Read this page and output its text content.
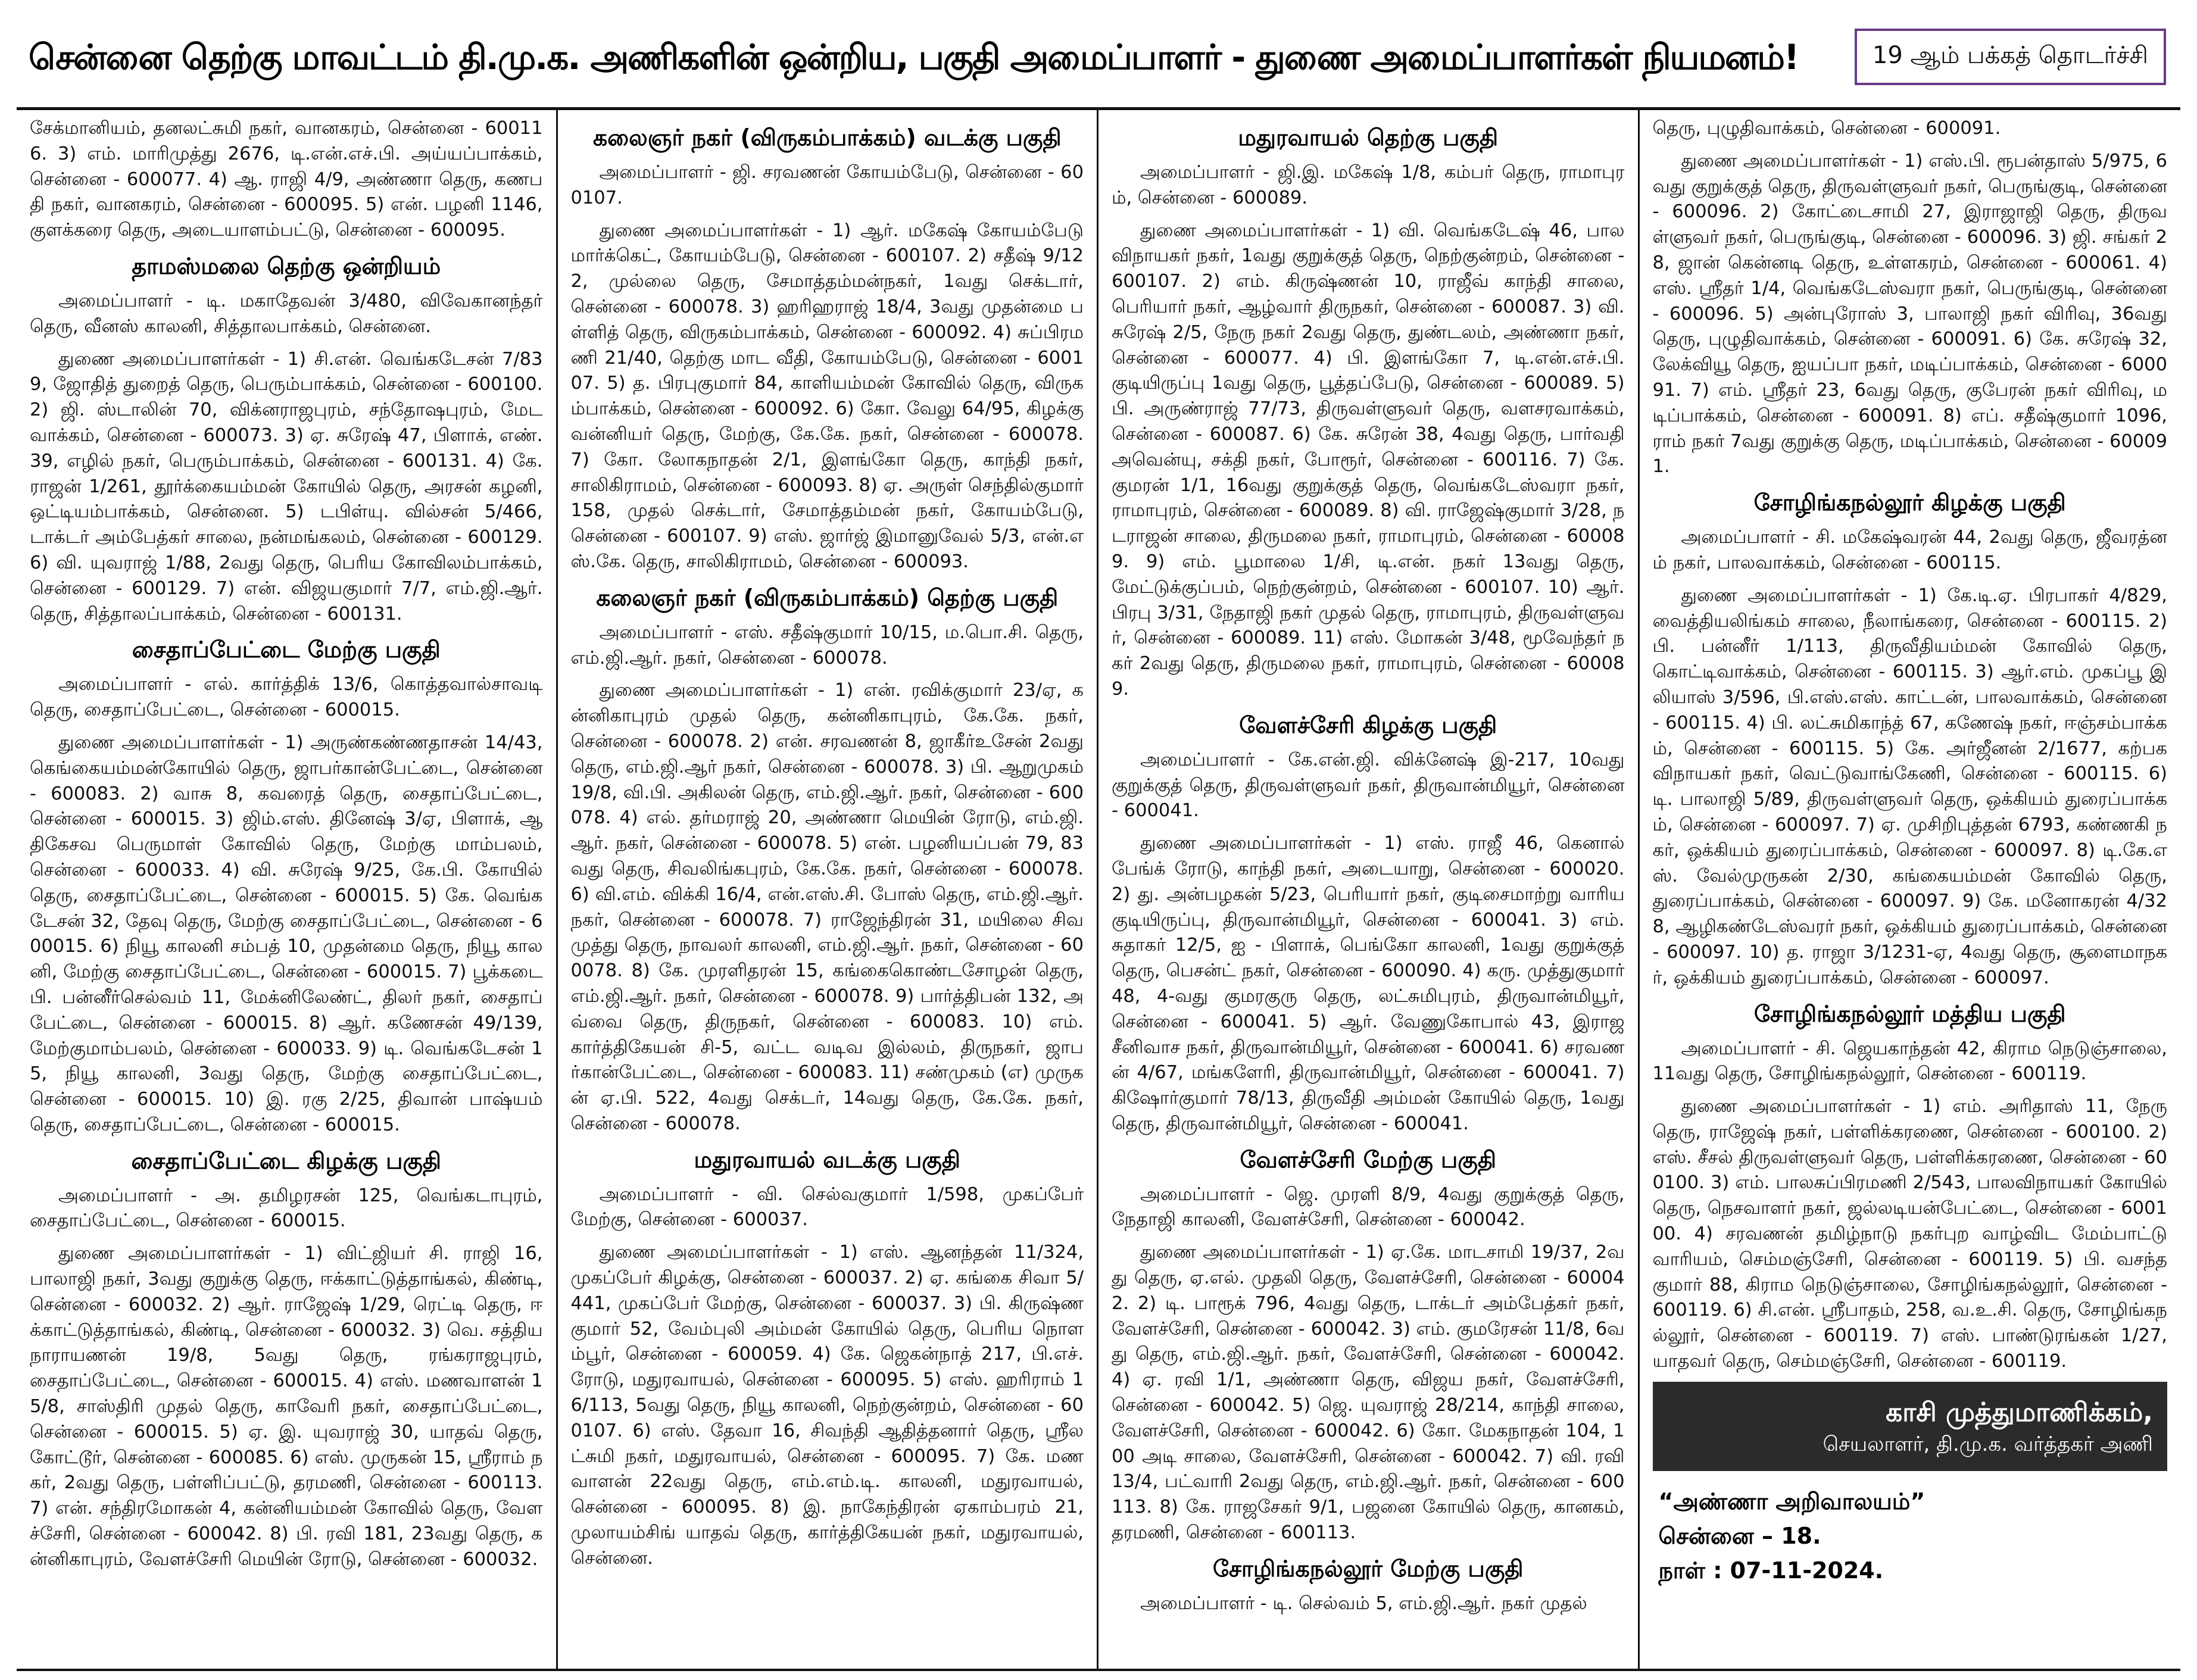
சென்னை தெற்கு மாவட்டம் தி.மு.க. அணிகளின் ஒன்றிய, பகுதி அமைப்பாளர் - துணை அமைப்பாளர்கள் நியமனம்!	19 ஆம் பக்கத் தொடர்ச்சி

சேக்மானியம், தனலட்சுமி நகர், வானகரம், சென்னை - 600116. 3) எம். மாரிமுத்து 2676, டி.என்.எச்.பி. அய்யப்பாக்கம், சென்னை - 600077. 4) ஆ. ராஜி 4/9, அண்ணா தெரு, கணபதி நகர், வானகரம், சென்னை - 600095. 5) என். பழனி 1146, குளக்கரை தெரு, அடையாளம்பட்டு, சென்னை - 600095.

தாமஸ்மலை தெற்கு ஒன்றியம்

அமைப்பாளர் - டி. மகாதேவன் 3/480, விவேகானந்தர் தெரு, வீனஸ் காலனி, சித்தாலபாக்கம், சென்னை.

துணை அமைப்பாளர்கள் - 1) சி.என். வெங்கடேசன் 7/839, ஜோதித் துறைத் தெரு, பெரும்பாக்கம், சென்னை - 600100. 2) ஜி. ஸ்டாலின் 70, விக்னராஜபுரம், சந்தோஷபுரம், மேடவாக்கம், சென்னை - 600073. 3) ஏ. சுரேஷ் 47, பிளாக், எண். 39, எழில் நகர், பெரும்பாக்கம், சென்னை - 600131. 4) கே. ராஜன் 1/261, தூர்க்கையம்மன் கோயில் தெரு, அரசன் கழனி, ஒட்டியம்பாக்கம், சென்னை. 5) டபிள்யு. வில்சன் 5/466, டாக்டர் அம்பேத்கர் சாலை, நன்மங்கலம், சென்னை - 600129. 6) வி. யுவராஜ் 1/88, 2வது தெரு, பெரிய கோவிலம்பாக்கம், சென்னை - 600129. 7) என். விஜயகுமார் 7/7, எம்.ஜி.ஆர். தெரு, சித்தாலப்பாக்கம், சென்னை - 600131.

சைதாப்பேட்டை மேற்கு பகுதி

அமைப்பாளர் - எல். கார்த்திக் 13/6, கொத்தவால்சாவடி தெரு, சைதாப்பேட்டை, சென்னை - 600015.

துணை அமைப்பாளர்கள் - 1) அருண்கண்ணதாசன் 14/43, கெங்கையம்மன்கோயில் தெரு, ஜாபர்கான்பேட்டை, சென்னை - 600083. 2) வாசு 8, கவரைத் தெரு, சைதாப்பேட்டை, சென்னை - 600015. 3) ஜிம்.எஸ். தினேஷ் 3/ஏ, பிளாக், ஆதிகேசவ பெருமாள் கோவில் தெரு, மேற்கு மாம்பலம், சென்னை - 600033. 4) வி. சுரேஷ் 9/25, கே.பி. கோயில் தெரு, சைதாப்பேட்டை, சென்னை - 600015. 5) கே. வெங்கடேசன் 32, தேவு தெரு, மேற்கு சைதாப்பேட்டை, சென்னை - 600015. 6) நியூ காலனி சம்பத் 10, முதன்மை தெரு, நியூ காலனி, மேற்கு சைதாப்பேட்டை, சென்னை - 600015. 7) பூக்கடை பி. பன்னீர்செல்வம் 11, மேக்னிலேண்ட், திலர் நகர், சைதாப் பேட்டை, சென்னை - 600015. 8) ஆர். கணேசன் 49/139, மேற்குமாம்பலம், சென்னை - 600033. 9) டி. வெங்கடேசன் 15, நியூ காலனி, 3வது தெரு, மேற்கு சைதாப்பேட்டை, சென்னை - 600015. 10) இ. ரகு 2/25, திவான் பாஷ்யம் தெரு, சைதாப்பேட்டை, சென்னை - 600015.

சைதாப்பேட்டை கிழக்கு பகுதி

அமைப்பாளர் - அ. தமிழரசன் 125, வெங்கடாபுரம், சைதாப்பேட்டை, சென்னை - 600015.

துணை அமைப்பாளர்கள் - 1) விட்ஜியர் சி. ராஜி 16, பாலாஜி நகர், 3வது குறுக்கு தெரு, ஈக்காட்டுத்தாங்கல், கிண்டி, சென்னை - 600032. 2) ஆர். ராஜேஷ் 1/29, ரெட்டி தெரு, ஈக்காட்டுத்தாங்கல், கிண்டி, சென்னை - 600032. 3) வெ. சத்தியநாராயணன் 19/8, 5வது தெரு, ரங்கராஜபுரம், சைதாப்பேட்டை, சென்னை - 600015. 4) எஸ். மணவாளன் 15/8, சாஸ்திரி முதல் தெரு, காவேரி நகர், சைதாப்பேட்டை, சென்னை - 600015. 5) ஏ. இ. யுவராஜ் 30, யாதவ் தெரு, கோட்டூர், சென்னை - 600085. 6) எஸ். முருகன் 15, ஸ்ரீராம் நகர், 2வது தெரு, பள்ளிப்பட்டு, தரமணி, சென்னை - 600113. 7) என். சந்திரமோகன் 4, கன்னியம்மன் கோவில் தெரு, வேளச்சேரி, சென்னை - 600042. 8) பி. ரவி 181, 23வது தெரு, கன்னிகாபுரம், வேளச்சேரி மெயின் ரோடு, சென்னை - 600032.

கலைஞர் நகர் (விருகம்பாக்கம்) வடக்கு பகுதி

அமைப்பாளர் - ஜி. சரவணன் கோயம்பேடு, சென்னை - 600107.

துணை அமைப்பாளர்கள் - 1) ஆர். மகேஷ் கோயம்பேடு மார்க்கெட், கோயம்பேடு, சென்னை - 600107. 2) சதீஷ் 9/122, முல்லை தெரு, சேமாத்தம்மன்நகர், 1வது செக்டார், சென்னை - 600078. 3) ஹரிஹராஜ் 18/4, 3வது முதன்மை பள்ளித் தெரு, விருகம்பாக்கம், சென்னை - 600092. 4) சுப்பிரமணி 21/40, தெற்கு மாட வீதி, கோயம்பேடு, சென்னை - 600107. 5) த. பிரபுகுமார் 84, காளியம்மன் கோவில் தெரு, விருகம்பாக்கம், சென்னை - 600092. 6) கோ. வேலு 64/95, கிழக்கு வன்னியர் தெரு, மேற்கு, கே.கே. நகர், சென்னை - 600078. 7) கோ. லோகநாதன் 2/1, இளங்கோ தெரு, காந்தி நகர், சாலிகிராமம், சென்னை - 600093. 8) ஏ. அருள் செந்தில்குமார் 158, முதல் செக்டார், சேமாத்தம்மன் நகர், கோயம்பேடு, சென்னை - 600107. 9) எஸ். ஜார்ஜ் இமானுவேல் 5/3, என்.எஸ்.கே. தெரு, சாலிகிராமம், சென்னை - 600093.

கலைஞர் நகர் (விருகம்பாக்கம்) தெற்கு பகுதி

அமைப்பாளர் - எஸ். சதீஷ்குமார் 10/15, ம.பொ.சி. தெரு, எம்.ஜி.ஆர். நகர், சென்னை - 600078.

துணை அமைப்பாளர்கள் - 1) என். ரவிக்குமார் 23/ஏ, கன்னிகாபுரம் முதல் தெரு, கன்னிகாபுரம், கே.கே. நகர், சென்னை - 600078. 2) என். சரவணன் 8, ஜாகீர்உசேன் 2வது தெரு, எம்.ஜி.ஆர் நகர், சென்னை - 600078. 3) பி. ஆறுமுகம் 19/8, வி.பி. அகிலன் தெரு, எம்.ஜி.ஆர். நகர், சென்னை - 600078. 4) எல். தர்மராஜ் 20, அண்ணா மெயின் ரோடு, எம்.ஜி.ஆர். நகர், சென்னை - 600078. 5) என். பழனியப்பன் 79, 83வது தெரு, சிவலிங்கபுரம், கே.கே. நகர், சென்னை - 600078. 6) வி.எம். விக்கி 16/4, என்.எஸ்.சி. போஸ் தெரு, எம்.ஜி.ஆர். நகர், சென்னை - 600078. 7) ராஜேந்திரன் 31, மயிலை சிவமுத்து தெரு, நாவலர் காலனி, எம்.ஜி.ஆர். நகர், சென்னை - 600078. 8) கே. முரளிதரன் 15, கங்கைகொண்டசோழன் தெரு, எம்.ஜி.ஆர். நகர், சென்னை - 600078. 9) பார்த்திபன் 132, அவ்வை தெரு, திருநகர், சென்னை - 600083. 10) எம். கார்த்திகேயன் சி-5, வட்ட வடிவ இல்லம், திருநகர், ஜாபர்கான்பேட்டை, சென்னை - 600083. 11) சண்முகம் (எ) முருகன் ஏ.பி. 522, 4வது செக்டர், 14வது தெரு, கே.கே. நகர், சென்னை - 600078.

மதுரவாயல் வடக்கு பகுதி

அமைப்பாளர் - வி. செல்வகுமார் 1/598, முகப்பேர் மேற்கு, சென்னை - 600037.

துணை அமைப்பாளர்கள் - 1) எஸ். ஆனந்தன் 11/324, முகப்பேர் கிழக்கு, சென்னை - 600037. 2) ஏ. கங்கை சிவா 5/441, முகப்பேர் மேற்கு, சென்னை - 600037. 3) பி. கிருஷ்ணகுமார் 52, வேம்புலி அம்மன் கோயில் தெரு, பெரிய நொளம்பூர், சென்னை - 600059. 4) கே. ஜெகன்நாத் 217, பி.எச். ரோடு, மதுரவாயல், சென்னை - 600095. 5) எஸ். ஹரிராம் 16/113, 5வது தெரு, நியூ காலனி, நெற்குன்றம், சென்னை - 600107. 6) எஸ். தேவா 16, சிவந்தி ஆதித்தனார் தெரு, ஸ்ரீலட்சுமி நகர், மதுரவாயல், சென்னை - 600095. 7) கே. மணவாளன் 22வது தெரு, எம்.எம்.டி. காலனி, மதுரவாயல், சென்னை - 600095. 8) இ. நாகேந்திரன் ஏகாம்பரம் 21, முலாயம்சிங் யாதவ் தெரு, கார்த்திகேயன் நகர், மதுரவாயல், சென்னை.

மதுரவாயல் தெற்கு பகுதி

அமைப்பாளர் - ஜி.இ. மகேஷ் 1/8, கம்பர் தெரு, ராமாபுரம், சென்னை - 600089.

துணை அமைப்பாளர்கள் - 1) வி. வெங்கடேஷ் 46, பால விநாயகர் நகர், 1வது குறுக்குத் தெரு, நெற்குன்றம், சென்னை - 600107. 2) எம். கிருஷ்ணன் 10, ராஜீவ் காந்தி சாலை, பெரியார் நகர், ஆழ்வார் திருநகர், சென்னை - 600087. 3) வி. சுரேஷ் 2/5, நேரு நகர் 2வது தெரு, துண்டலம், அண்ணா நகர், சென்னை - 600077. 4) பி. இளங்கோ 7, டி.என்.எச்.பி. குடியிருப்பு 1வது தெரு, பூத்தப்பேடு, சென்னை - 600089. 5) பி. அருண்ராஜ் 77/73, திருவள்ளுவர் தெரு, வளசரவாக்கம், சென்னை - 600087. 6) கே. சுரேன் 38, 4வது தெரு, பார்வதி அவென்யு, சக்தி நகர், போரூர், சென்னை - 600116. 7) கே. குமரன் 1/1, 16வது குறுக்குத் தெரு, வெங்கடேஸ்வரா நகர், ராமாபுரம், சென்னை - 600089. 8) வி. ராஜேஷ்குமார் 3/28, நடராஜன் சாலை, திருமலை நகர், ராமாபுரம், சென்னை - 600089. 9) எம். பூமாலை 1/சி, டி.என். நகர் 13வது தெரு, மேட்டுக்குப்பம், நெற்குன்றம், சென்னை - 600107. 10) ஆர். பிரபு 3/31, நேதாஜி நகர் முதல் தெரு, ராமாபுரம், திருவள்ளுவர், சென்னை - 600089. 11) எஸ். மோகன் 3/48, மூவேந்தர் நகர் 2வது தெரு, திருமலை நகர், ராமாபுரம், சென்னை - 600089.

வேளச்சேரி கிழக்கு பகுதி

அமைப்பாளர் - கே.என்.ஜி. விக்னேஷ் இ-217, 10வது குறுக்குத் தெரு, திருவள்ளுவர் நகர், திருவான்மியூர், சென்னை - 600041.

துணை அமைப்பாளர்கள் - 1) எஸ். ராஜீ 46, கெனால் பேங்க் ரோடு, காந்தி நகர், அடையாறு, சென்னை - 600020. 2) து. அன்பழகன் 5/23, பெரியார் நகர், குடிசைமாற்று வாரிய குடியிருப்பு, திருவான்மியூர், சென்னை - 600041. 3) எம். சுதாகர் 12/5, ஐ - பிளாக், பெங்கோ காலனி, 1வது குறுக்குத் தெரு, பெசன்ட் நகர், சென்னை - 600090. 4) கரு. முத்துகுமார் 48, 4-வது குமரகுரு தெரு, லட்சுமிபுரம், திருவான்மியூர், சென்னை - 600041. 5) ஆர். வேணுகோபால் 43, இராஜசீனிவாச நகர், திருவான்மியூர், சென்னை - 600041. 6) சரவணன் 4/67, மங்களேரி, திருவான்மியூர், சென்னை - 600041. 7) கிஷோர்குமார் 78/13, திருவீதி அம்மன் கோயில் தெரு, 1வது தெரு, திருவான்மியூர், சென்னை - 600041.

வேளச்சேரி மேற்கு பகுதி

அமைப்பாளர் - ஜெ. முரளி 8/9, 4வது குறுக்குத் தெரு, நேதாஜி காலனி, வேளச்சேரி, சென்னை - 600042.

துணை அமைப்பாளர்கள் - 1) ஏ.கே. மாடசாமி 19/37, 2வது தெரு, ஏ.எல். முதலி தெரு, வேளச்சேரி, சென்னை - 600042. 2) டி. பாரூக் 796, 4வது தெரு, டாக்டர் அம்பேத்கர் நகர், வேளச்சேரி, சென்னை - 600042. 3) எம். குமரேசன் 11/8, 6வது தெரு, எம்.ஜி.ஆர். நகர், வேளச்சேரி, சென்னை - 600042. 4) ஏ. ரவி 1/1, அண்ணா தெரு, விஜய நகர், வேளச்சேரி, சென்னை - 600042. 5) ஜெ. யுவராஜ் 28/214, காந்தி சாலை, வேளச்சேரி, சென்னை - 600042. 6) கோ. மேகநாதன் 104, 100 அடி சாலை, வேளச்சேரி, சென்னை - 600042. 7) வி. ரவி 13/4, பட்வாரி 2வது தெரு, எம்.ஜி.ஆர். நகர், சென்னை - 600113. 8) கே. ராஜசேகர் 9/1, பஜனை கோயில் தெரு, கானகம், தரமணி, சென்னை - 600113.

சோழிங்கநல்லூர் மேற்கு பகுதி

அமைப்பாளர் - டி. செல்வம் 5, எம்.ஜி.ஆர். நகர் முதல்

தெரு, புழுதிவாக்கம், சென்னை - 600091.

துணை அமைப்பாளர்கள் - 1) எஸ்.பி. ரூபன்தாஸ் 5/975, 6வது குறுக்குத் தெரு, திருவள்ளுவர் நகர், பெருங்குடி, சென்னை - 600096. 2) கோட்டைசாமி 27, இராஜாஜி தெரு, திருவள்ளுவர் நகர், பெருங்குடி, சென்னை - 600096. 3) ஜி. சங்கர் 28, ஜான் கென்னடி தெரு, உள்ளகரம், சென்னை - 600061. 4) எஸ். ஸ்ரீதர் 1/4, வெங்கடேஸ்வரா நகர், பெருங்குடி, சென்னை - 600096. 5) அன்புரோஸ் 3, பாலாஜி நகர் விரிவு, 36வது தெரு, புழுதிவாக்கம், சென்னை - 600091. 6) கே. சுரேஷ் 32, லேக்வியூ தெரு, ஐயப்பா நகர், மடிப்பாக்கம், சென்னை - 600091. 7) எம். ஸ்ரீதர் 23, 6வது தெரு, குபேரன் நகர் விரிவு, மடிப்பாக்கம், சென்னை - 600091. 8) எப். சதீஷ்குமார் 1096, ராம் நகர் 7வது குறுக்கு தெரு, மடிப்பாக்கம், சென்னை - 600091.

சோழிங்கநல்லூர் கிழக்கு பகுதி

அமைப்பாளர் - சி. மகேஷ்வரன் 44, 2வது தெரு, ஜீவரத்னம் நகர், பாலவாக்கம், சென்னை - 600115.

துணை அமைப்பாளர்கள் - 1) கே.டி.ஏ. பிரபாகர் 4/829, வைத்தியலிங்கம் சாலை, நீலாங்கரை, சென்னை - 600115. 2) பி. பன்னீர் 1/113, திருவீதியம்மன் கோவில் தெரு, கொட்டிவாக்கம், சென்னை - 600115. 3) ஆர்.எம். முகப்பூ இலியாஸ் 3/596, பி.எஸ்.எஸ். காட்டன், பாலவாக்கம், சென்னை - 600115. 4) பி. லட்சுமிகாந்த் 67, கணேஷ் நகர், ஈஞ்சம்பாக்கம், சென்னை - 600115. 5) கே. அர்ஜீனன் 2/1677, கற்பக விநாயகர் நகர், வெட்டுவாங்கேணி, சென்னை - 600115. 6) டி. பாலாஜி 5/89, திருவள்ளுவர் தெரு, ஒக்கியம் துரைப்பாக்கம், சென்னை - 600097. 7) ஏ. முசிறிபுத்தன் 6793, கண்ணகி நகர், ஒக்கியம் துரைப்பாக்கம், சென்னை - 600097. 8) டி.கே.எஸ். வேல்முருகன் 2/30, கங்கையம்மன் கோவில் தெரு, துரைப்பாக்கம், சென்னை - 600097. 9) கே. மனோகரன் 4/328, ஆழிகண்டேஸ்வரர் நகர், ஒக்கியம் துரைப்பாக்கம், சென்னை - 600097. 10) த. ராஜா 3/1231-ஏ, 4வது தெரு, சூளைமாநகர், ஒக்கியம் துரைப்பாக்கம், சென்னை - 600097.

சோழிங்கநல்லூர் மத்திய பகுதி

அமைப்பாளர் - சி. ஜெயகாந்தன் 42, கிராம நெடுஞ்சாலை, 11வது தெரு, சோழிங்கநல்லூர், சென்னை - 600119.

துணை அமைப்பாளர்கள் - 1) எம். அரிதாஸ் 11, நேரு தெரு, ராஜேஷ் நகர், பள்ளிக்கரணை, சென்னை - 600100. 2) எஸ். சீசல் திருவள்ளுவர் தெரு, பள்ளிக்கரணை, சென்னை - 600100. 3) எம். பாலசுப்பிரமணி 2/543, பாலவிநாயகர் கோயில் தெரு, நெசவாளர் நகர், ஜல்லடியன்பேட்டை, சென்னை - 600100. 4) சரவணன் தமிழ்நாடு நகர்புற வாழ்விட மேம்பாட்டு வாரியம், செம்மஞ்சேரி, சென்னை - 600119. 5) பி. வசந்தகுமார் 88, கிராம நெடுஞ்சாலை, சோழிங்கநல்லூர், சென்னை - 600119. 6) சி.என். ஸ்ரீபாதம், 258, வ.உ.சி. தெரு, சோழிங்கநல்லூர், சென்னை - 600119. 7) எஸ். பாண்டுரங்கன் 1/27, யாதவர் தெரு, செம்மஞ்சேரி, சென்னை - 600119.

காசி முத்துமாணிக்கம்,
செயலாளர், தி.மு.க. வர்த்தகர் அணி
“அண்ணா அறிவாலயம்”
சென்னை – 18.
நாள் : 07-11-2024.
